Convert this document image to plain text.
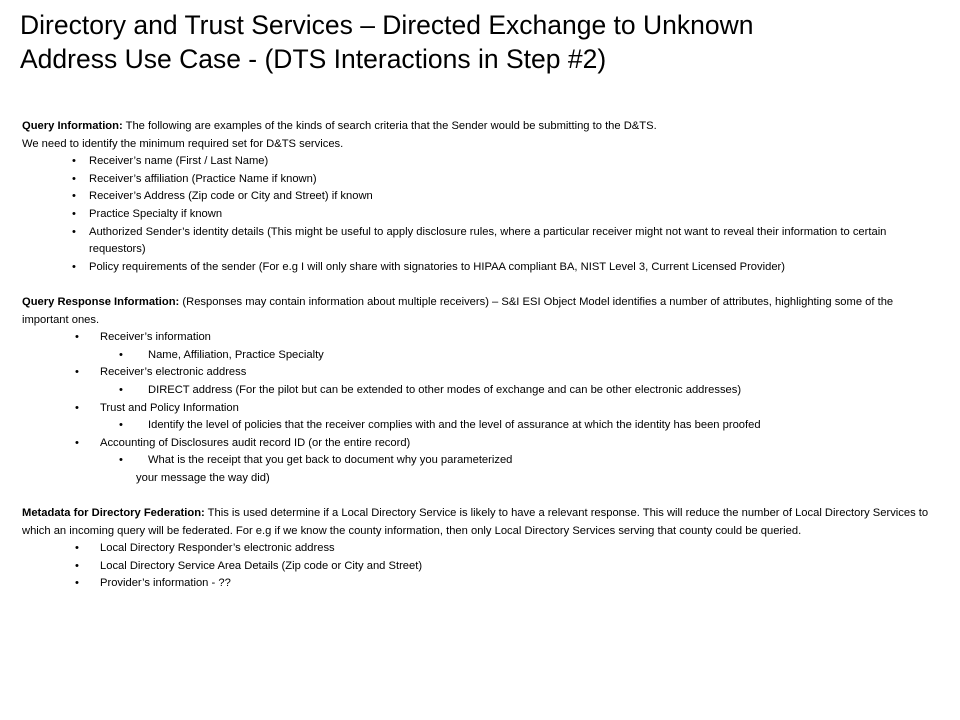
Directory and Trust Services – Directed Exchange to Unknown
Address Use Case - (DTS Interactions in Step #2)

Query Information: The following are examples of the kinds of search criteria that the Sender would be submitting to the D&TS.

We need to identify the minimum required set for D&TS services.

• Receiver’s name (First / Last Name)
• Receiver’s affiliation (Practice Name if known)
• Receiver’s Address (Zip code or City and Street) if known
• Practice Specialty if known
• Authorized Sender’s identity details (This might be useful to apply disclosure rules, where a particular receiver might not want to reveal their information to certain requestors)
• Policy requirements of the sender (For e.g I will only share with signatories to HIPAA compliant BA, NIST Level 3, Current Licensed Provider)

Query Response Information: (Responses may contain information about multiple receivers) – S&I ESI Object Model identifies a number of attributes, highlighting some of the important ones.

• Receiver’s information
• Name, Affiliation, Practice Specialty
• Receiver’s electronic address
• DIRECT address (For the pilot but can be extended to other modes of exchange and can be other electronic addresses)
• Trust and Policy Information
• Identify the level of policies that the receiver complies with and the level of assurance at which the identity has been proofed
• Accounting of Disclosures audit record ID (or the entire record)
• What is the receipt that you get back to document why you parameterized
your message the way did)

Metadata for Directory Federation: This is used determine if a Local Directory Service is likely to have a relevant response. This will reduce the number of Local Directory Services to which an incoming query will be federated. For e.g if we know the county information, then only Local Directory Services serving that county could be queried.

• Local Directory Responder’s electronic address
• Local Directory Service Area Details (Zip code or City and Street)
• Provider’s information - ??
